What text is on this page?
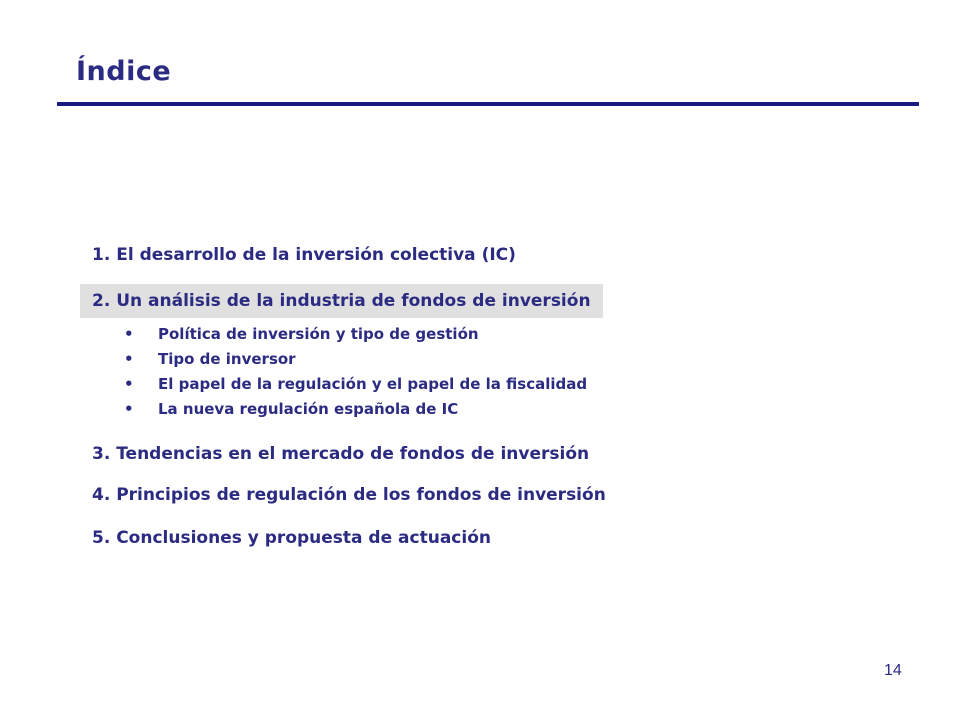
Índice
1. El desarrollo de la inversión colectiva (IC)
2. Un análisis de la industria de fondos de inversión
•	Política de inversión y tipo de gestión
•	Tipo de inversor
•	El papel de la regulación y el papel de la fiscalidad
•	La nueva regulación española de IC
3. Tendencias en el mercado de fondos de inversión
4. Principios de regulación de los fondos de inversión
5. Conclusiones y propuesta de actuación
14
